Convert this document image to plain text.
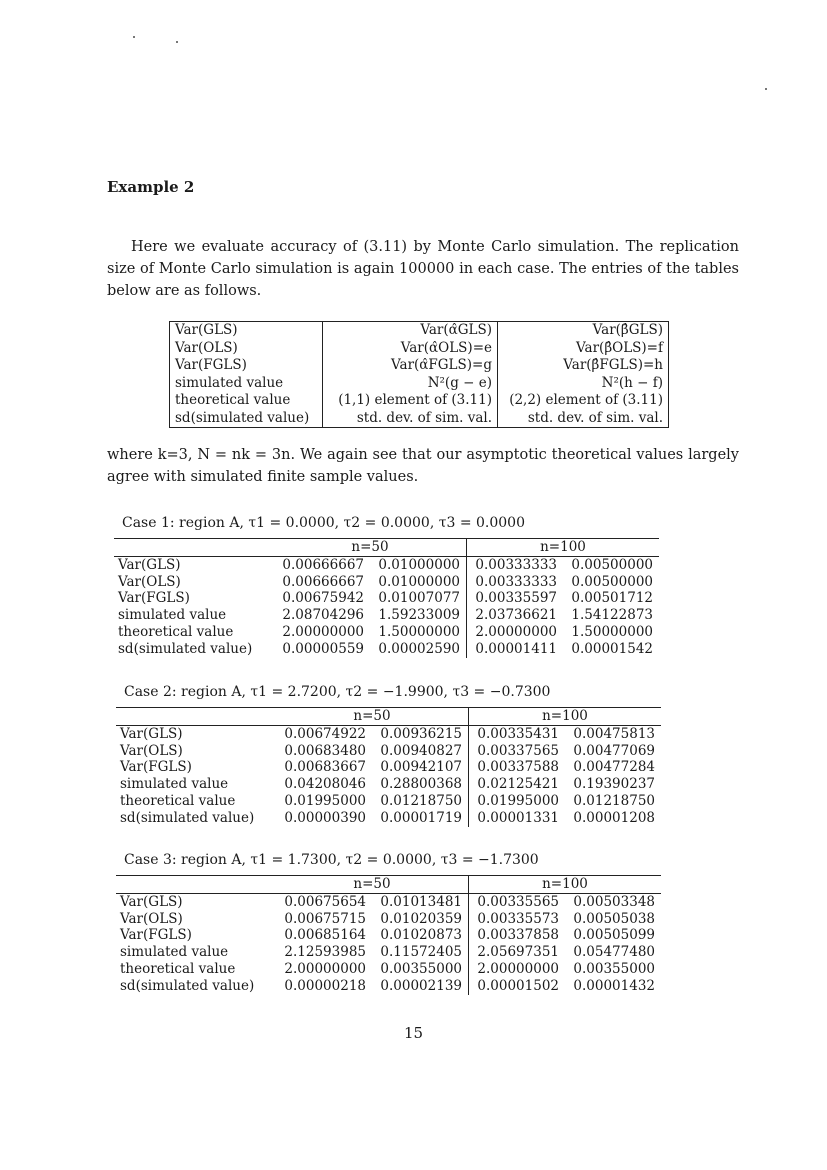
Example 2
Here we evaluate accuracy of (3.11) by Monte Carlo simulation. The replication size of Monte Carlo simulation is again 100000 in each case. The entries of the tables below are as follows.
Var(GLS)	Var(α̂GLS)	Var(β̂GLS)
Var(OLS)	Var(α̂OLS)=e	Var(β̂OLS)=f
Var(FGLS)	Var(α̂FGLS)=g	Var(β̂FGLS)=h
simulated value	N²(g − e)	N²(h − f)
theoretical value	(1,1) element of (3.11)	(2,2) element of (3.11)
sd(simulated value)	std. dev. of sim. val.	std. dev. of sim. val.
where k=3, N = nk = 3n. We again see that our asymptotic theoretical values largely agree with simulated finite sample values.
Case 1: region A, τ1 = 0.0000, τ2 = 0.0000, τ3 = 0.0000
	n=50		n=100	
Var(GLS)	0.00666667	0.01000000	0.00333333	0.00500000
Var(OLS)	0.00666667	0.01000000	0.00333333	0.00500000
Var(FGLS)	0.00675942	0.01007077	0.00335597	0.00501712
simulated value	2.08704296	1.59233009	2.03736621	1.54122873
theoretical value	2.00000000	1.50000000	2.00000000	1.50000000
sd(simulated value)	0.00000559	0.00002590	0.00001411	0.00001542
Case 2: region A, τ1 = 2.7200, τ2 = −1.9900, τ3 = −0.7300
	n=50		n=100	
Var(GLS)	0.00674922	0.00936215	0.00335431	0.00475813
Var(OLS)	0.00683480	0.00940827	0.00337565	0.00477069
Var(FGLS)	0.00683667	0.00942107	0.00337588	0.00477284
simulated value	0.04208046	0.28800368	0.02125421	0.19390237
theoretical value	0.01995000	0.01218750	0.01995000	0.01218750
sd(simulated value)	0.00000390	0.00001719	0.00001331	0.00001208
Case 3: region A, τ1 = 1.7300, τ2 = 0.0000, τ3 = −1.7300
	n=50		n=100	
Var(GLS)	0.00675654	0.01013481	0.00335565	0.00503348
Var(OLS)	0.00675715	0.01020359	0.00335573	0.00505038
Var(FGLS)	0.00685164	0.01020873	0.00337858	0.00505099
simulated value	2.12593985	0.11572405	2.05697351	0.05477480
theoretical value	2.00000000	0.00355000	2.00000000	0.00355000
sd(simulated value)	0.00000218	0.00002139	0.00001502	0.00001432
15
